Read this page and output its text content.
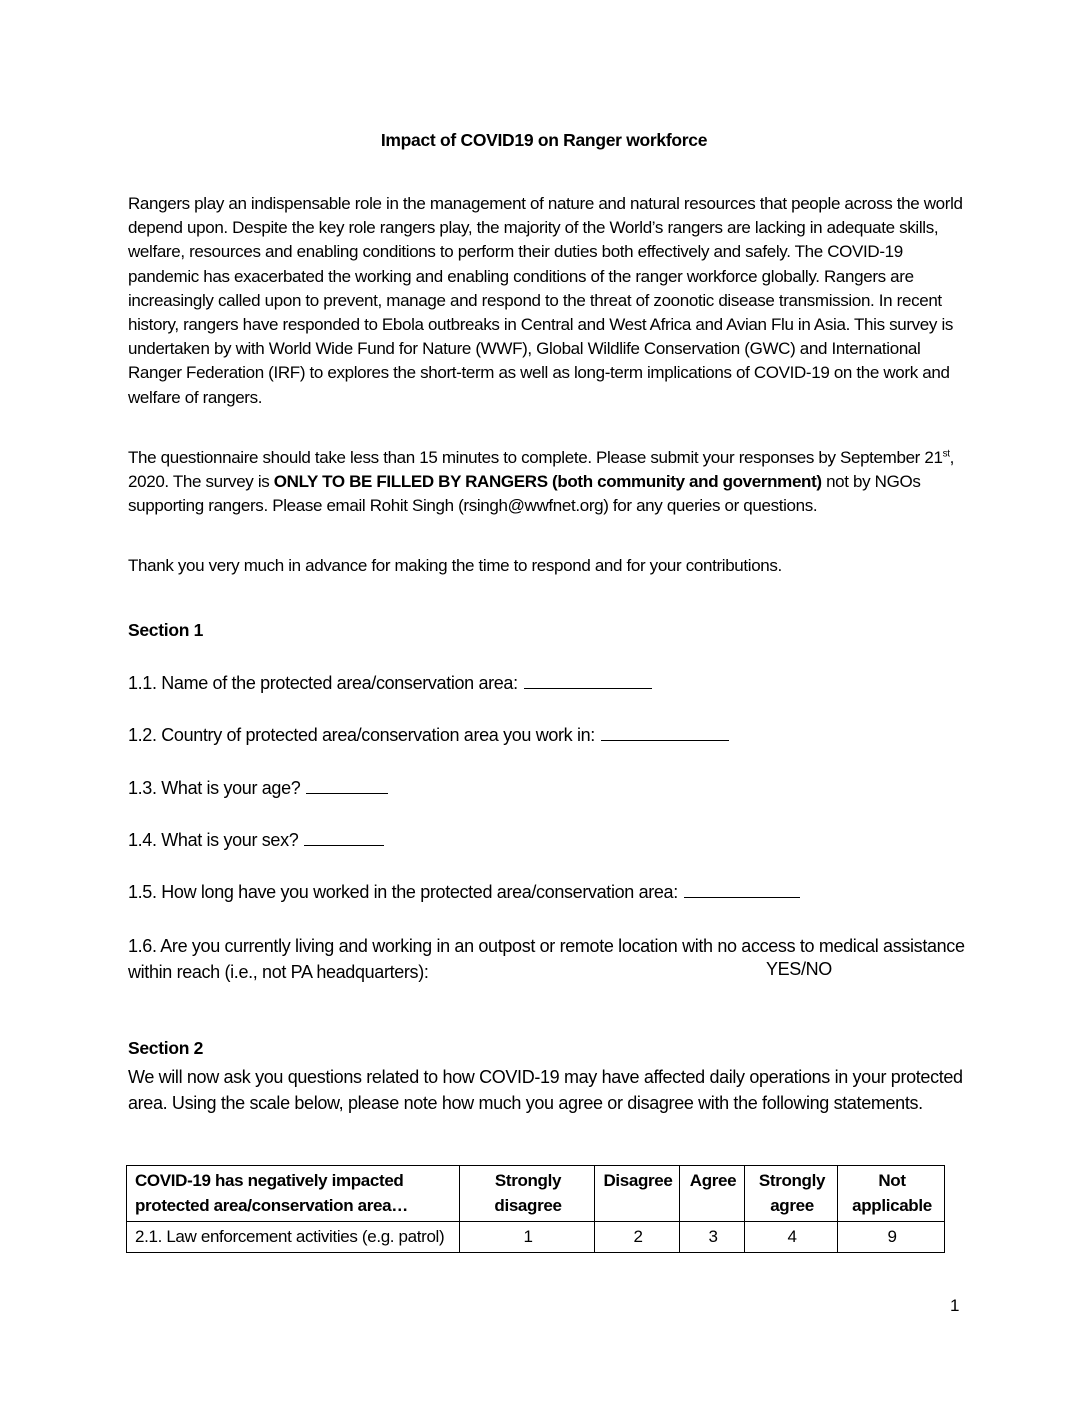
Impact of COVID19 on Ranger workforce

Rangers play an indispensable role in the management of nature and natural resources that people across the world depend upon. Despite the key role rangers play, the majority of the World’s rangers are lacking in adequate skills, welfare, resources and enabling conditions to perform their duties both effectively and safely. The COVID-19 pandemic has exacerbated the working and enabling conditions of the ranger workforce globally. Rangers are increasingly called upon to prevent, manage and respond to the threat of zoonotic disease transmission. In recent history, rangers have responded to Ebola outbreaks in Central and West Africa and Avian Flu in Asia. This survey is undertaken by with World Wide Fund for Nature (WWF), Global Wildlife Conservation (GWC) and International Ranger Federation (IRF) to explores the short-term as well as long-term implications of COVID-19 on the work and welfare of rangers.

The questionnaire should take less than 15 minutes to complete. Please submit your responses by September 21st, 2020. The survey is ONLY TO BE FILLED BY RANGERS (both community and government) not by NGOs supporting rangers. Please email Rohit Singh (rsingh@wwfnet.org) for any queries or questions.

Thank you very much in advance for making the time to respond and for your contributions.

Section 1
1.1. Name of the protected area/conservation area:
1.2. Country of protected area/conservation area you work in:
1.3. What is your age?
1.4. What is your sex?
1.5. How long have you worked in the protected area/conservation area:
1.6. Are you currently living and working in an outpost or remote location with no access to medical assistance within reach (i.e., not PA headquarters):	YES/NO
Section 2

We will now ask you questions related to how COVID-19 may have affected daily operations in your protected area. Using the scale below, please note how much you agree or disagree with the following statements.

COVID-19 has negatively impacted protected area/conservation area…	Strongly disagree	Disagree	Agree	Strongly agree	Not applicable
2.1. Law enforcement activities (e.g. patrol)	1	2	3	4	9
1
